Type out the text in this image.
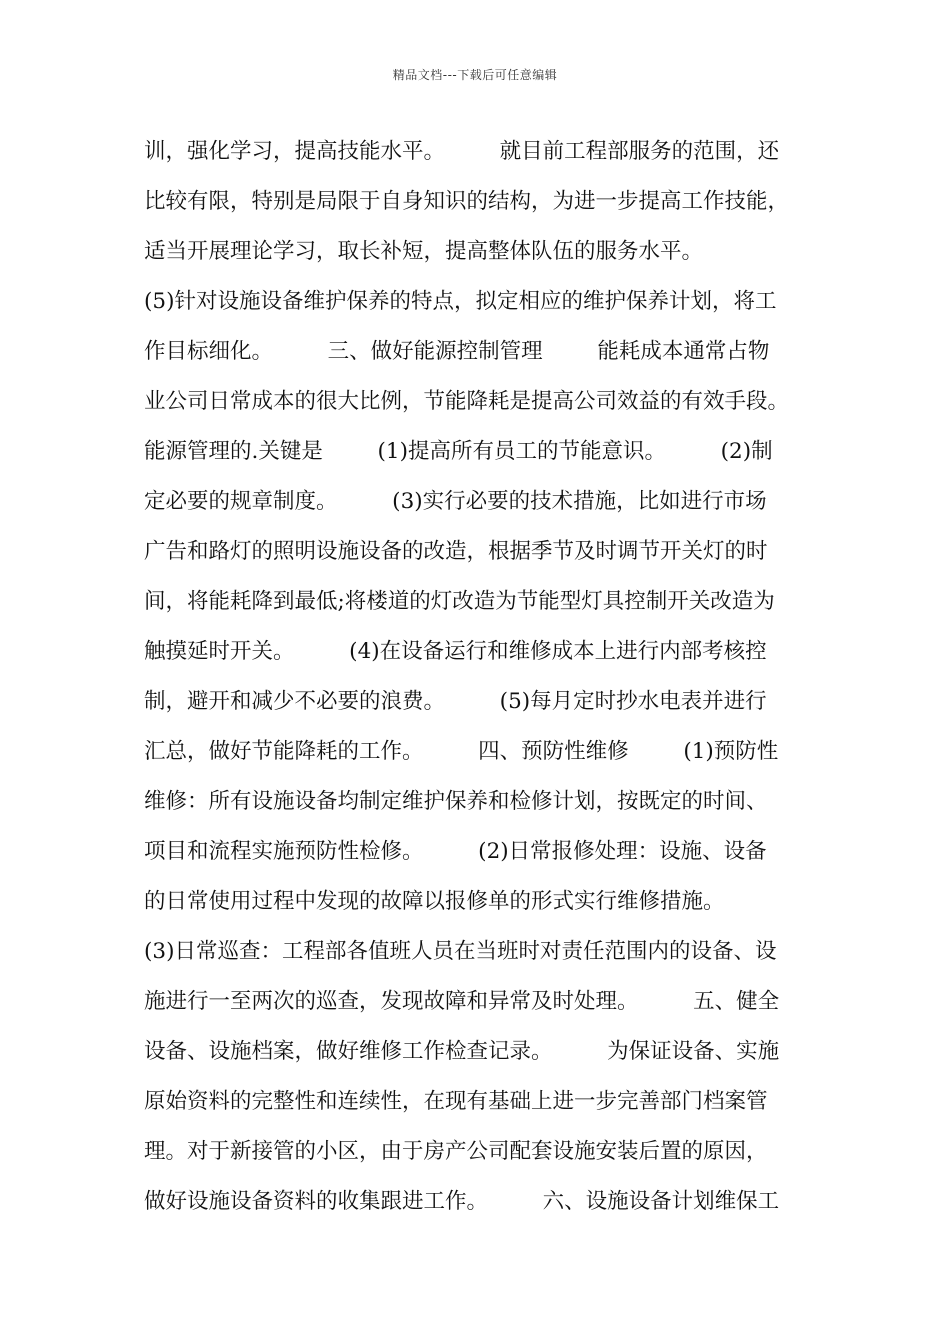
精品文档---下载后可任意编辑
训，强化学习，提高技能水平。        就目前工程部服务的范围，还
比较有限，特别是局限于自身知识的结构，为进一步提高工作技能，
适当开展理论学习，取长补短，提高整体队伍的服务水平。
(5)针对设施设备维护保养的特点，拟定相应的维护保养计划，将工
作目标细化。        三、做好能源控制管理        能耗成本通常占物
业公司日常成本的很大比例，节能降耗是提高公司效益的有效手段。
能源管理的.关键是        (1)提高所有员工的节能意识。        (2)制
定必要的规章制度。        (3)实行必要的技术措施，比如进行市场
广告和路灯的照明设施设备的改造，根据季节及时调节开关灯的时
间，将能耗降到最低;将楼道的灯改造为节能型灯具控制开关改造为
触摸延时开关。        (4)在设备运行和维修成本上进行内部考核控
制，避开和减少不必要的浪费。        (5)每月定时抄水电表并进行
汇总，做好节能降耗的工作。        四、预防性维修        (1)预防性
维修：所有设施设备均制定维护保养和检修计划，按既定的时间、
项目和流程实施预防性检修。        (2)日常报修处理：设施、设备
的日常使用过程中发现的故障以报修单的形式实行维修措施。
(3)日常巡查：工程部各值班人员在当班时对责任范围内的设备、设
施进行一至两次的巡查，发现故障和异常及时处理。        五、健全
设备、设施档案，做好维修工作检查记录。        为保证设备、实施
原始资料的完整性和连续性，在现有基础上进一步完善部门档案管
理。对于新接管的小区，由于房产公司配套设施安装后置的原因，
做好设施设备资料的收集跟进工作。        六、设施设备计划维保工
